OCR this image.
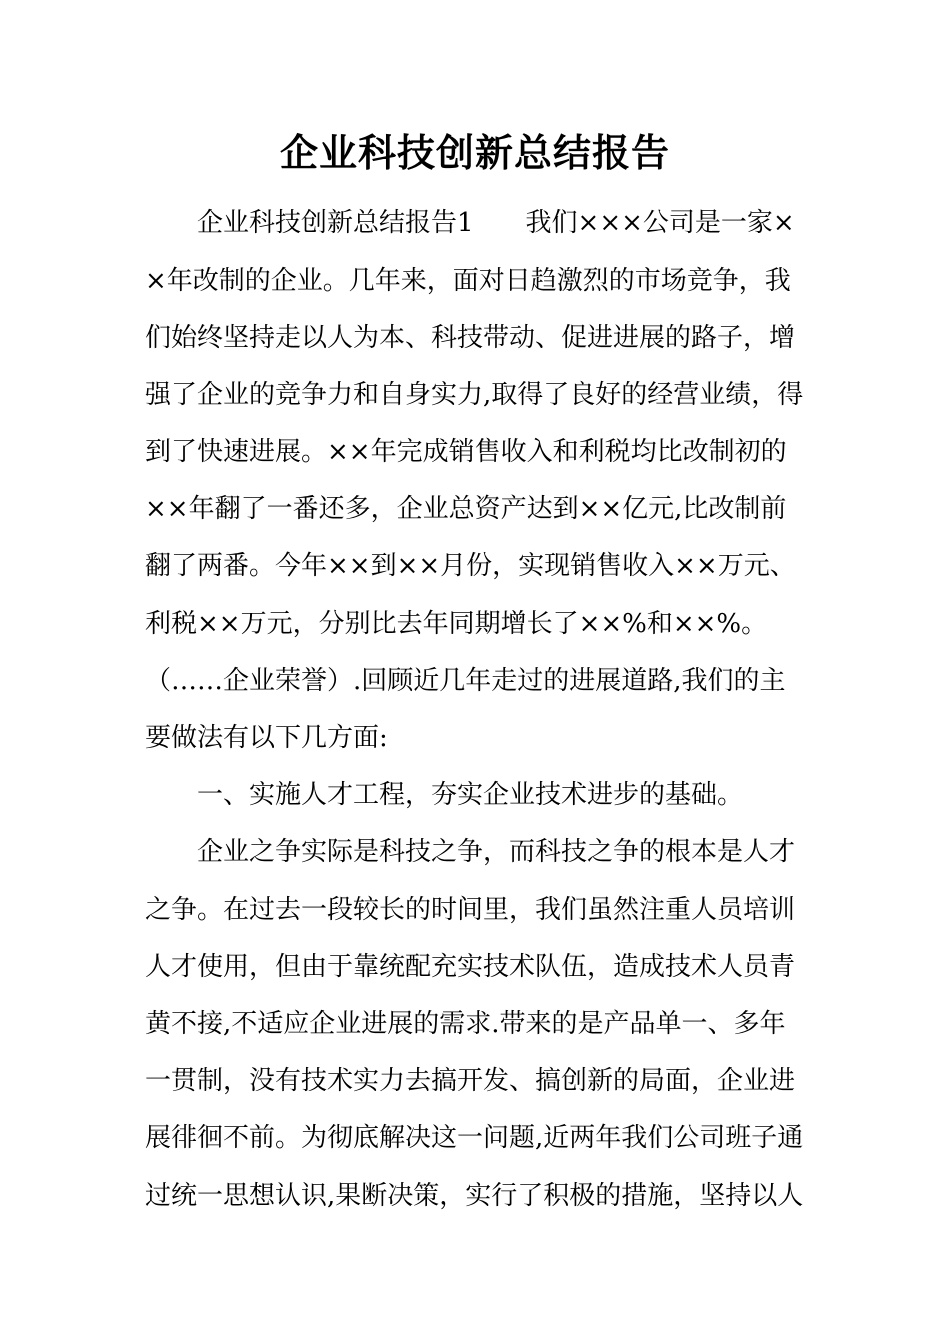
企业科技创新总结报告
企业科技创新总结报告1　　我们×××公司是一家×
×年改制的企业。几年来，面对日趋激烈的市场竞争，我
们始终坚持走以人为本、科技带动、促进进展的路子，增
强了企业的竞争力和自身实力,取得了良好的经营业绩，得
到了快速进展。××年完成销售收入和利税均比改制初的
××年翻了一番还多，企业总资产达到××亿元,比改制前
翻了两番。今年××到××月份，实现销售收入××万元、
利税××万元，分别比去年同期增长了××%和××%。
（……企业荣誉）.回顾近几年走过的进展道路,我们的主
要做法有以下几方面:
一、实施人才工程，夯实企业技术进步的基础。
企业之争实际是科技之争，而科技之争的根本是人才
之争。在过去一段较长的时间里，我们虽然注重人员培训
人才使用，但由于靠统配充实技术队伍，造成技术人员青
黄不接,不适应企业进展的需求.带来的是产品单一、多年
一贯制，没有技术实力去搞开发、搞创新的局面，企业进
展徘徊不前。为彻底解决这一问题,近两年我们公司班子通
过统一思想认识,果断决策，实行了积极的措施，坚持以人
